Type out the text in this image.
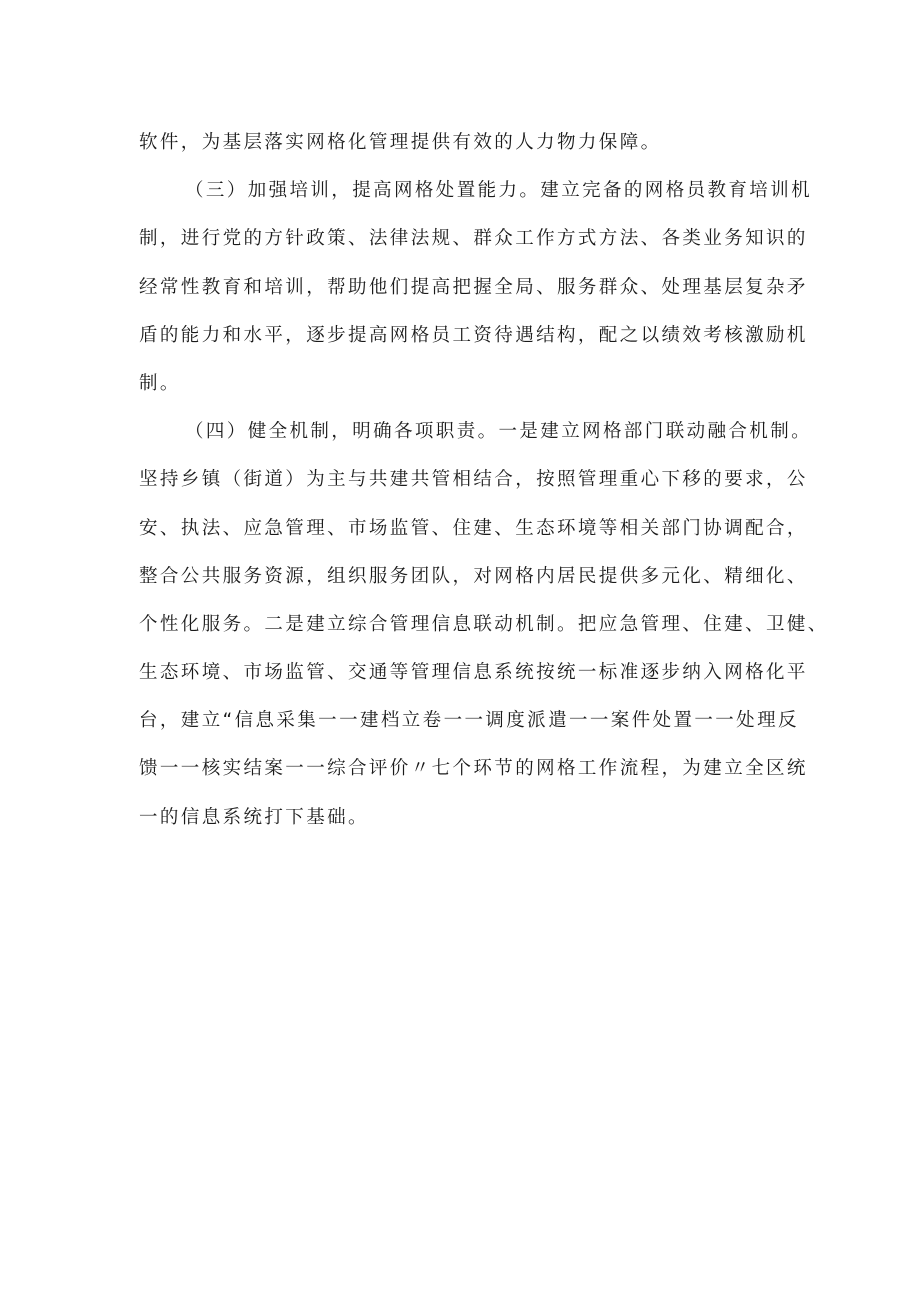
软件，为基层落实网格化管理提供有效的人力物力保障。
（三）加强培训，提高网格处置能力。建立完备的网格员教育培训机
制，进行党的方针政策、法律法规、群众工作方式方法、各类业务知识的
经常性教育和培训，帮助他们提高把握全局、服务群众、处理基层复杂矛
盾的能力和水平，逐步提高网格员工资待遇结构，配之以绩效考核激励机
制。
（四）健全机制，明确各项职责。一是建立网格部门联动融合机制。
坚持乡镇（街道）为主与共建共管相结合，按照管理重心下移的要求，公
安、执法、应急管理、市场监管、住建、生态环境等相关部门协调配合，
整合公共服务资源，组织服务团队，对网格内居民提供多元化、精细化、
个性化服务。二是建立综合管理信息联动机制。把应急管理、住建、卫健、
生态环境、市场监管、交通等管理信息系统按统一标准逐步纳入网格化平
台，建立“信息采集一一建档立卷一一调度派遣一一案件处置一一处理反
馈一一核实结案一一综合评价〃七个环节的网格工作流程，为建立全区统
一的信息系统打下基础。
